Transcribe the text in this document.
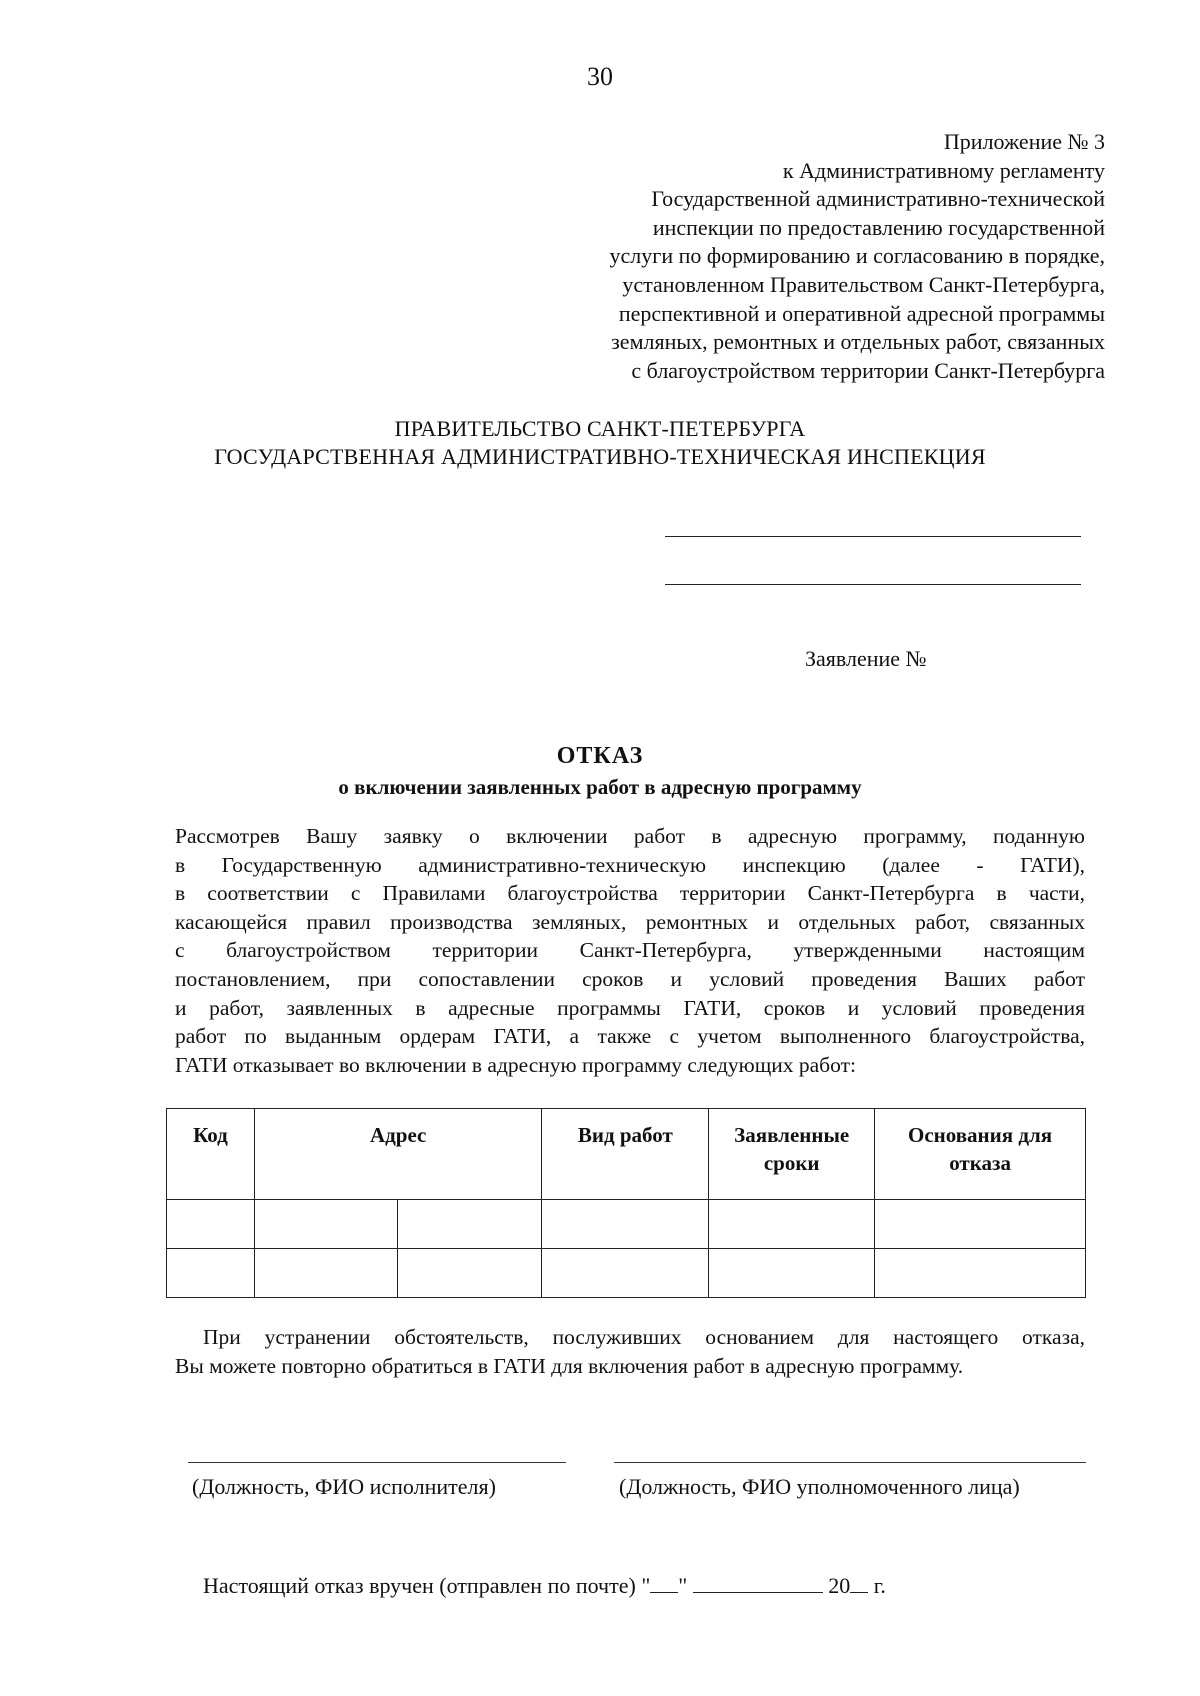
30
Приложение № 3
к Административному регламенту
Государственной административно-технической
инспекции по предоставлению государственной
услуги по формированию и согласованию в порядке,
установленном Правительством Санкт-Петербурга,
перспективной и оперативной адресной программы
земляных, ремонтных и отдельных работ, связанных
с благоустройством территории Санкт-Петербурга
ПРАВИТЕЛЬСТВО САНКТ-ПЕТЕРБУРГА
ГОСУДАРСТВЕННАЯ АДМИНИСТРАТИВНО-ТЕХНИЧЕСКАЯ ИНСПЕКЦИЯ
Заявление №
ОТКАЗ
о включении заявленных работ в адресную программу
Рассмотрев Вашу заявку о включении работ в адресную программу, поданную
в Государственную административно-техническую инспекцию (далее - ГАТИ),
в соответствии с Правилами благоустройства территории Санкт-Петербурга в части,
касающейся правил производства земляных, ремонтных и отдельных работ, связанных
с благоустройством территории Санкт-Петербурга, утвержденными настоящим
постановлением, при сопоставлении сроков и условий проведения Ваших работ
и работ, заявленных в адресные программы ГАТИ, сроков и условий проведения
работ по выданным ордерам ГАТИ, а также с учетом выполненного благоустройства,
ГАТИ отказывает во включении в адресную программу следующих работ:
Код	Адрес		Вид работ	Заявленные сроки	Основания для отказа

При устранении обстоятельств, послуживших основанием для настоящего отказа,
Вы можете повторно обратиться в ГАТИ для включения работ в адресную программу.
(Должность, ФИО исполнителя)	(Должность, ФИО уполномоченного лица)
Настоящий отказ вручен (отправлен по почте) " "	20 г.
